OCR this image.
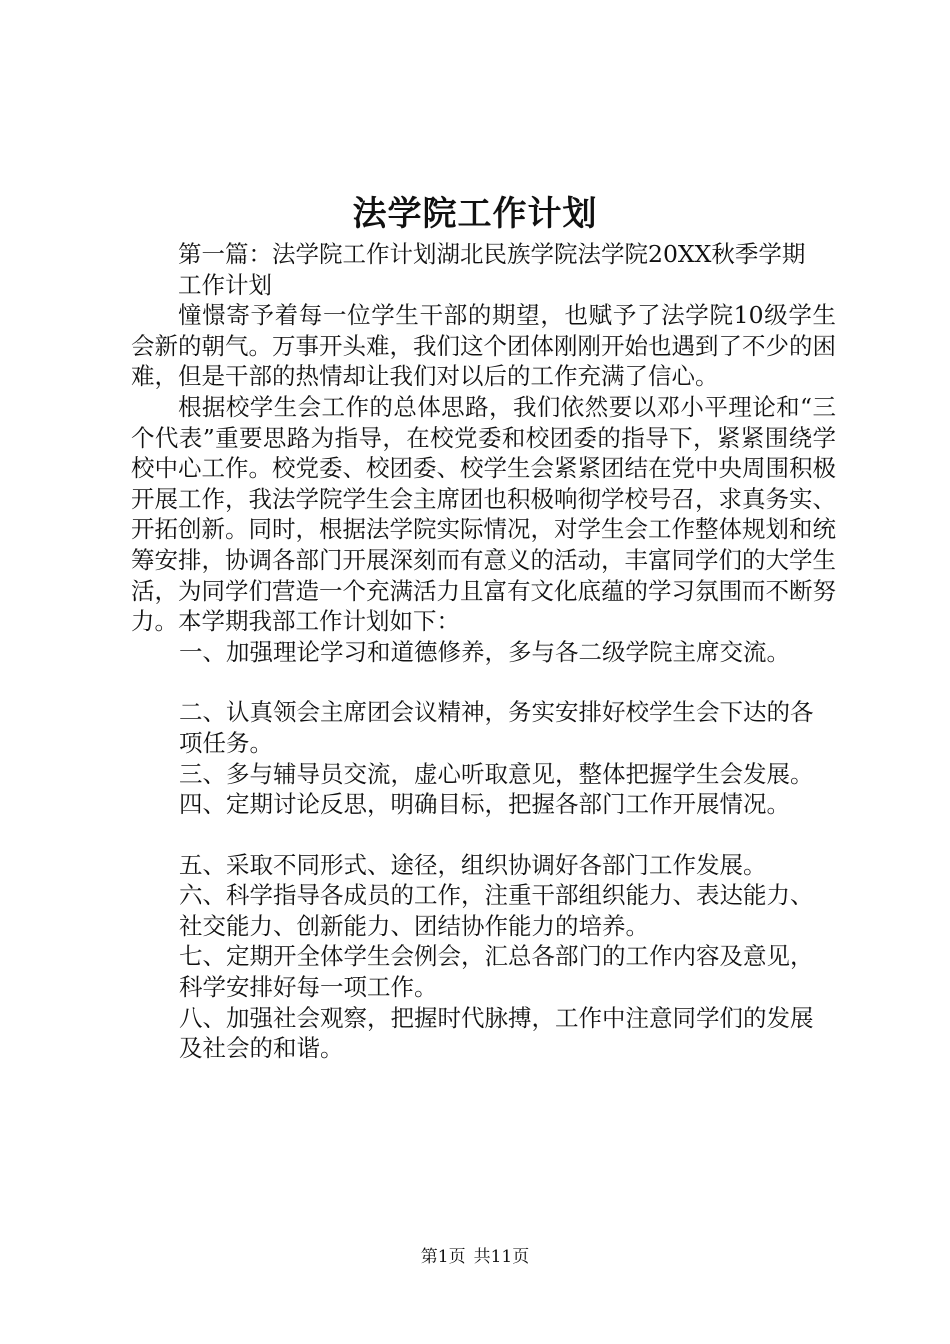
法学院工作计划

第一篇：法学院工作计划湖北民族学院法学院20XX秋季学期

工作计划

憧憬寄予着每一位学生干部的期望，也赋予了法学院10级学生会新的朝气。万事开头难，我们这个团体刚刚开始也遇到了不少的困难，但是干部的热情却让我们对以后的工作充满了信心。

根据校学生会工作的总体思路，我们依然要以邓小平理论和“三个代表”重要思路为指导，在校党委和校团委的指导下，紧紧围绕学校中心工作。校党委、校团委、校学生会紧紧团结在党中央周围积极开展工作，我法学院学生会主席团也积极响彻学校号召，求真务实、开拓创新。同时，根据法学院实际情况，对学生会工作整体规划和统筹安排，协调各部门开展深刻而有意义的活动，丰富同学们的大学生活，为同学们营造一个充满活力且富有文化底蕴的学习氛围而不断努力。本学期我部工作计划如下：

一、加强理论学习和道德修养，多与各二级学院主席交流。

二、认真领会主席团会议精神，务实安排好校学生会下达的各项任务。

三、多与辅导员交流，虚心听取意见，整体把握学生会发展。

四、定期讨论反思，明确目标，把握各部门工作开展情况。

五、采取不同形式、途径，组织协调好各部门工作发展。

六、科学指导各成员的工作，注重干部组织能力、表达能力、社交能力、创新能力、团结协作能力的培养。

七、定期开全体学生会例会，汇总各部门的工作内容及意见，科学安排好每一项工作。

八、加强社会观察，把握时代脉搏，工作中注意同学们的发展及社会的和谐。

第1页 共11页
